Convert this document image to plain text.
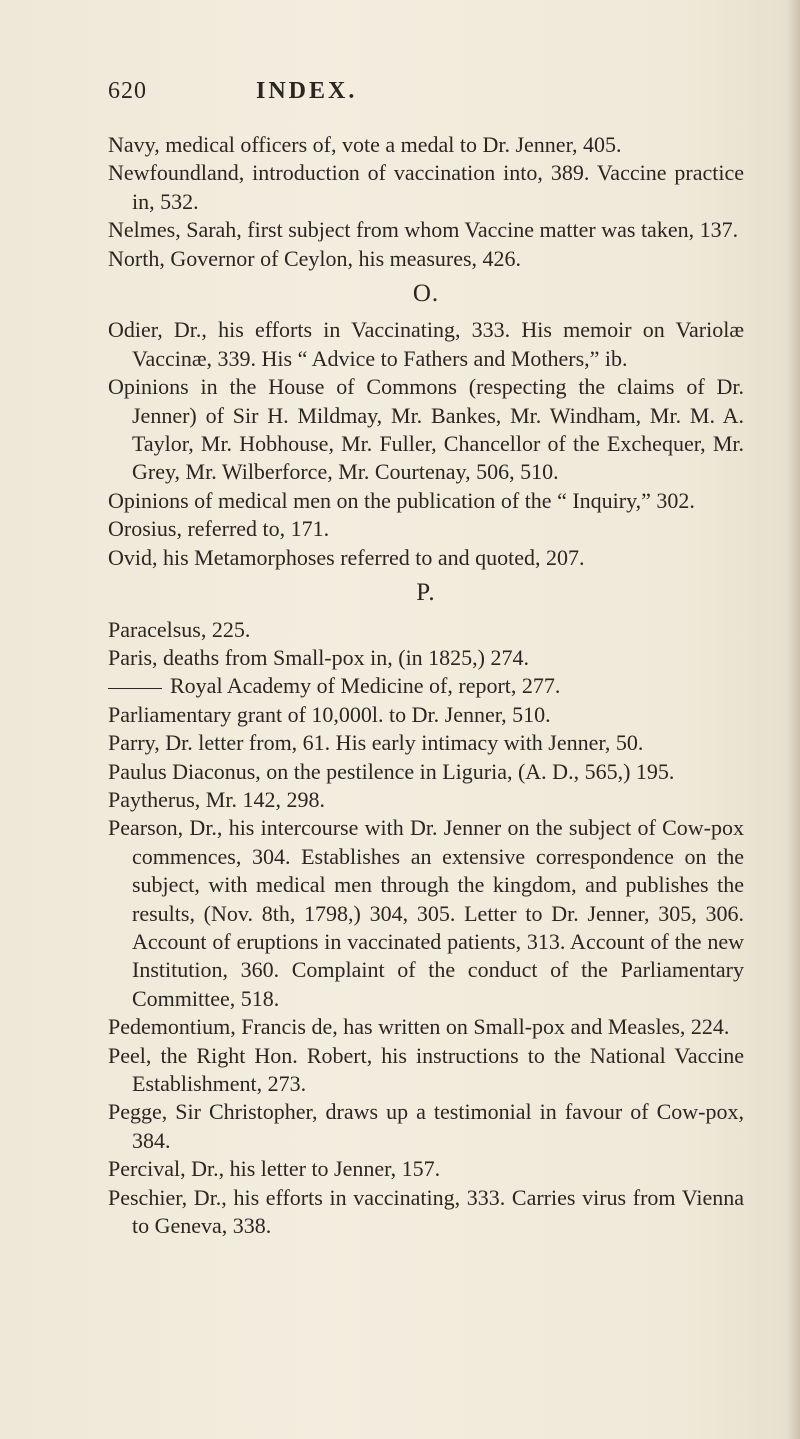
620	INDEX.

Navy, medical officers of, vote a medal to Dr. Jenner, 405.

Newfoundland, introduction of vaccination into, 389. Vaccine practice in, 532.

Nelmes, Sarah, first subject from whom Vaccine matter was taken, 137.

North, Governor of Ceylon, his measures, 426.

O.

Odier, Dr., his efforts in Vaccinating, 333. His memoir on Variolæ Vaccinæ, 339. His “ Advice to Fathers and Mothers,” ib.

Opinions in the House of Commons (respecting the claims of Dr. Jenner) of Sir H. Mildmay, Mr. Bankes, Mr. Windham, Mr. M. A. Taylor, Mr. Hobhouse, Mr. Fuller, Chancellor of the Exchequer, Mr. Grey, Mr. Wilberforce, Mr. Courtenay, 506, 510.

Opinions of medical men on the publication of the “ Inquiry,” 302.

Orosius, referred to, 171.

Ovid, his Metamorphoses referred to and quoted, 207.

P.

Paracelsus, 225.

Paris, deaths from Small-pox in, (in 1825,) 274.

Royal Academy of Medicine of, report, 277.

Parliamentary grant of 10,000l. to Dr. Jenner, 510.

Parry, Dr. letter from, 61. His early intimacy with Jenner, 50.

Paulus Diaconus, on the pestilence in Liguria, (A. D., 565,) 195.

Paytherus, Mr. 142, 298.

Pearson, Dr., his intercourse with Dr. Jenner on the subject of Cow-pox commences, 304. Establishes an extensive correspondence on the subject, with medical men through the kingdom, and publishes the results, (Nov. 8th, 1798,) 304, 305. Letter to Dr. Jenner, 305, 306. Account of eruptions in vaccinated patients, 313. Account of the new Institution, 360. Complaint of the conduct of the Parliamentary Committee, 518.

Pedemontium, Francis de, has written on Small-pox and Measles, 224.

Peel, the Right Hon. Robert, his instructions to the National Vaccine Establishment, 273.

Pegge, Sir Christopher, draws up a testimonial in favour of Cow-pox, 384.

Percival, Dr., his letter to Jenner, 157.

Peschier, Dr., his efforts in vaccinating, 333. Carries virus from Vienna to Geneva, 338.
